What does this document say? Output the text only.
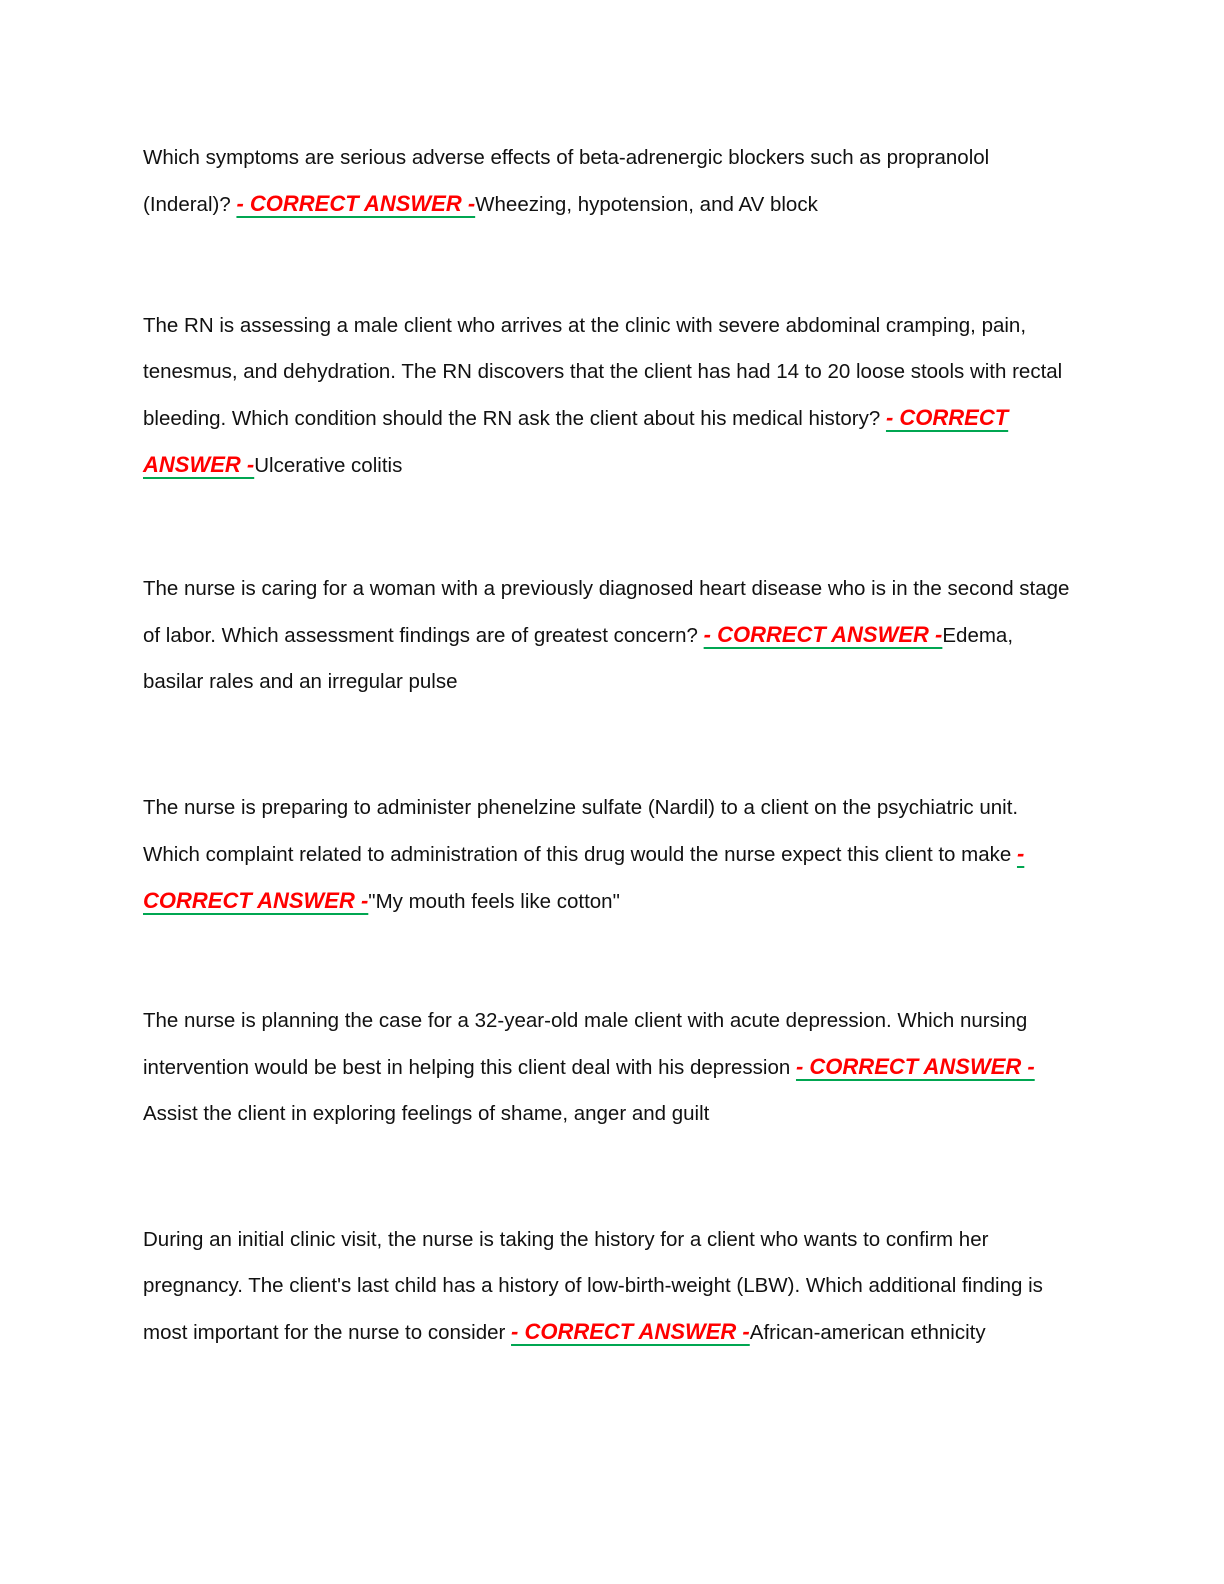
Which symptoms are serious adverse effects of beta-adrenergic blockers such as propranolol (Inderal)? - CORRECT ANSWER -Wheezing, hypotension, and AV block

The RN is assessing a male client who arrives at the clinic with severe abdominal cramping, pain, tenesmus, and dehydration. The RN discovers that the client has had 14 to 20 loose stools with rectal bleeding. Which condition should the RN ask the client about his medical history? - CORRECT ANSWER -Ulcerative colitis

The nurse is caring for a woman with a previously diagnosed heart disease who is in the second stage of labor. Which assessment findings are of greatest concern? - CORRECT ANSWER -Edema, basilar rales and an irregular pulse

The nurse is preparing to administer phenelzine sulfate (Nardil) to a client on the psychiatric unit. Which complaint related to administration of this drug would the nurse expect this client to make - CORRECT ANSWER -"My mouth feels like cotton"

The nurse is planning the case for a 32-year-old male client with acute depression. Which nursing intervention would be best in helping this client deal with his depression - CORRECT ANSWER -Assist the client in exploring feelings of shame, anger and guilt

During an initial clinic visit, the nurse is taking the history for a client who wants to confirm her pregnancy. The client's last child has a history of low-birth-weight (LBW). Which additional finding is most important for the nurse to consider - CORRECT ANSWER -African-american ethnicity
